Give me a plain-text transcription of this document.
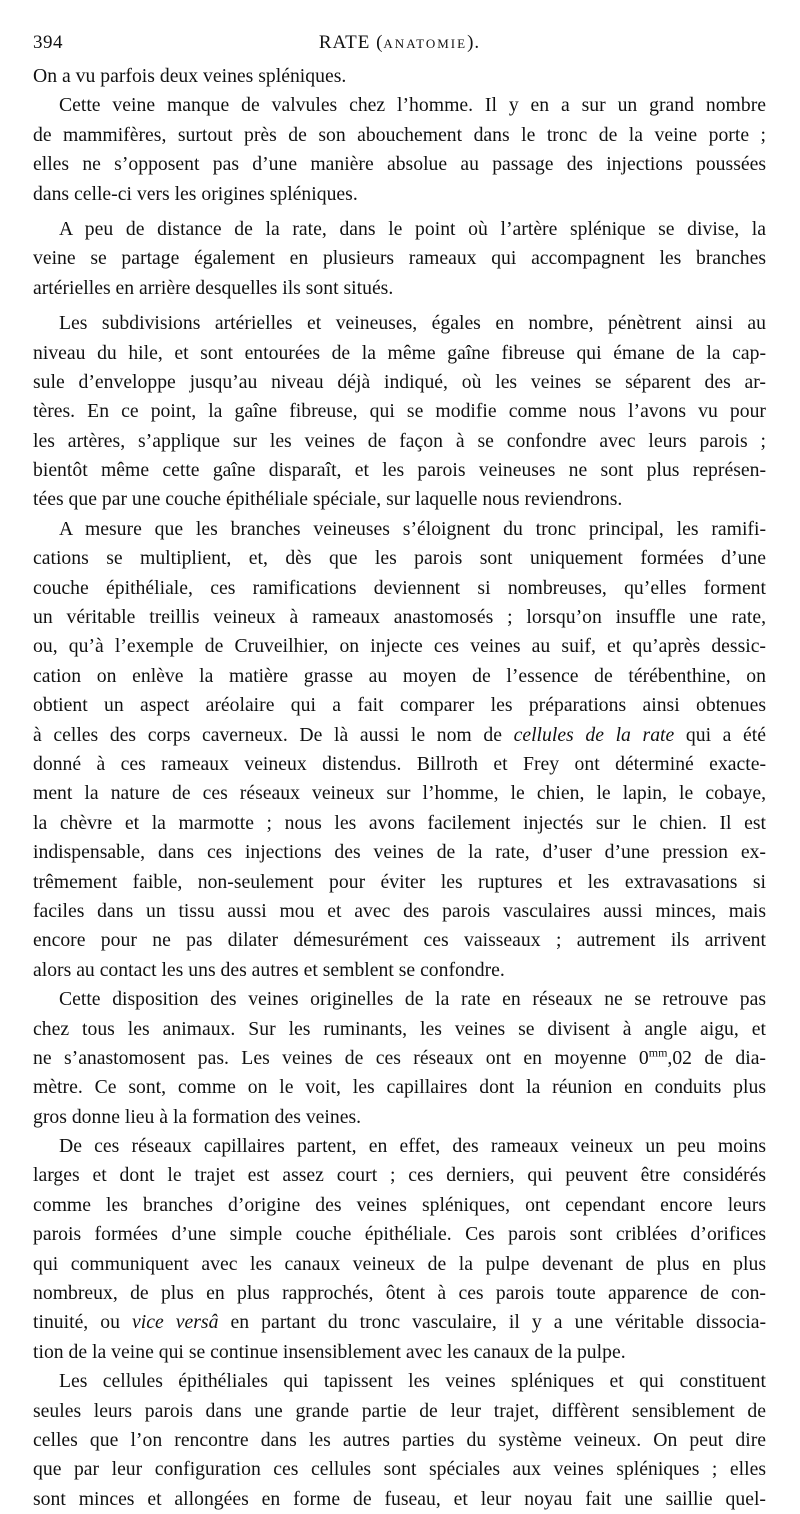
394	RATE (ANATOMIE).
On a vu parfois deux veines spléniques.
Cette veine manque de valvules chez l’homme. Il y en a sur un grand nombre
de mammifères, surtout près de son abouchement dans le tronc de la veine porte ;
elles ne s’opposent pas d’une manière absolue au passage des injections poussées
dans celle-ci vers les origines spléniques.
A peu de distance de la rate, dans le point où l’artère splénique se divise, la
veine se partage également en plusieurs rameaux qui accompagnent les branches
artérielles en arrière desquelles ils sont situés.
Les subdivisions artérielles et veineuses, égales en nombre, pénètrent ainsi au
niveau du hile, et sont entourées de la même gaîne fibreuse qui émane de la cap-
sule d’enveloppe jusqu’au niveau déjà indiqué, où les veines se séparent des ar-
tères. En ce point, la gaîne fibreuse, qui se modifie comme nous l’avons vu pour
les artères, s’applique sur les veines de façon à se confondre avec leurs parois ;
bientôt même cette gaîne disparaît, et les parois veineuses ne sont plus représen-
tées que par une couche épithéliale spéciale, sur laquelle nous reviendrons.
A mesure que les branches veineuses s’éloignent du tronc principal, les ramifi-
cations se multiplient, et, dès que les parois sont uniquement formées d’une
couche épithéliale, ces ramifications deviennent si nombreuses, qu’elles forment
un véritable treillis veineux à rameaux anastomosés ; lorsqu’on insuffle une rate,
ou, qu’à l’exemple de Cruveilhier, on injecte ces veines au suif, et qu’après dessic-
cation on enlève la matière grasse au moyen de l’essence de térébenthine, on
obtient un aspect aréolaire qui a fait comparer les préparations ainsi obtenues
à celles des corps caverneux. De là aussi le nom de cellules de la rate qui a été
donné à ces rameaux veineux distendus. Billroth et Frey ont déterminé exacte-
ment la nature de ces réseaux veineux sur l’homme, le chien, le lapin, le cobaye,
la chèvre et la marmotte ; nous les avons facilement injectés sur le chien. Il est
indispensable, dans ces injections des veines de la rate, d’user d’une pression ex-
trêmement faible, non-seulement pour éviter les ruptures et les extravasations si
faciles dans un tissu aussi mou et avec des parois vasculaires aussi minces, mais
encore pour ne pas dilater démesurément ces vaisseaux ; autrement ils arrivent
alors au contact les uns des autres et semblent se confondre.
Cette disposition des veines originelles de la rate en réseaux ne se retrouve pas
chez tous les animaux. Sur les ruminants, les veines se divisent à angle aigu, et
ne s’anastomosent pas. Les veines de ces réseaux ont en moyenne $0^{mm},02$ de dia-
mètre. Ce sont, comme on le voit, les capillaires dont la réunion en conduits plus
gros donne lieu à la formation des veines.
De ces réseaux capillaires partent, en effet, des rameaux veineux un peu moins
larges et dont le trajet est assez court ; ces derniers, qui peuvent être considérés
comme les branches d’origine des veines spléniques, ont cependant encore leurs
parois formées d’une simple couche épithéliale. Ces parois sont criblées d’orifices
qui communiquent avec les canaux veineux de la pulpe devenant de plus en plus
nombreux, de plus en plus rapprochés, ôtent à ces parois toute apparence de con-
tinuité, ou vice versâ en partant du tronc vasculaire, il y a une véritable dissocia-
tion de la veine qui se continue insensiblement avec les canaux de la pulpe.
Les cellules épithéliales qui tapissent les veines spléniques et qui constituent
seules leurs parois dans une grande partie de leur trajet, diffèrent sensiblement de
celles que l’on rencontre dans les autres parties du système veineux. On peut dire
que par leur configuration ces cellules sont spéciales aux veines spléniques ; elles
sont minces et allongées en forme de fuseau, et leur noyau fait une saillie quel-
